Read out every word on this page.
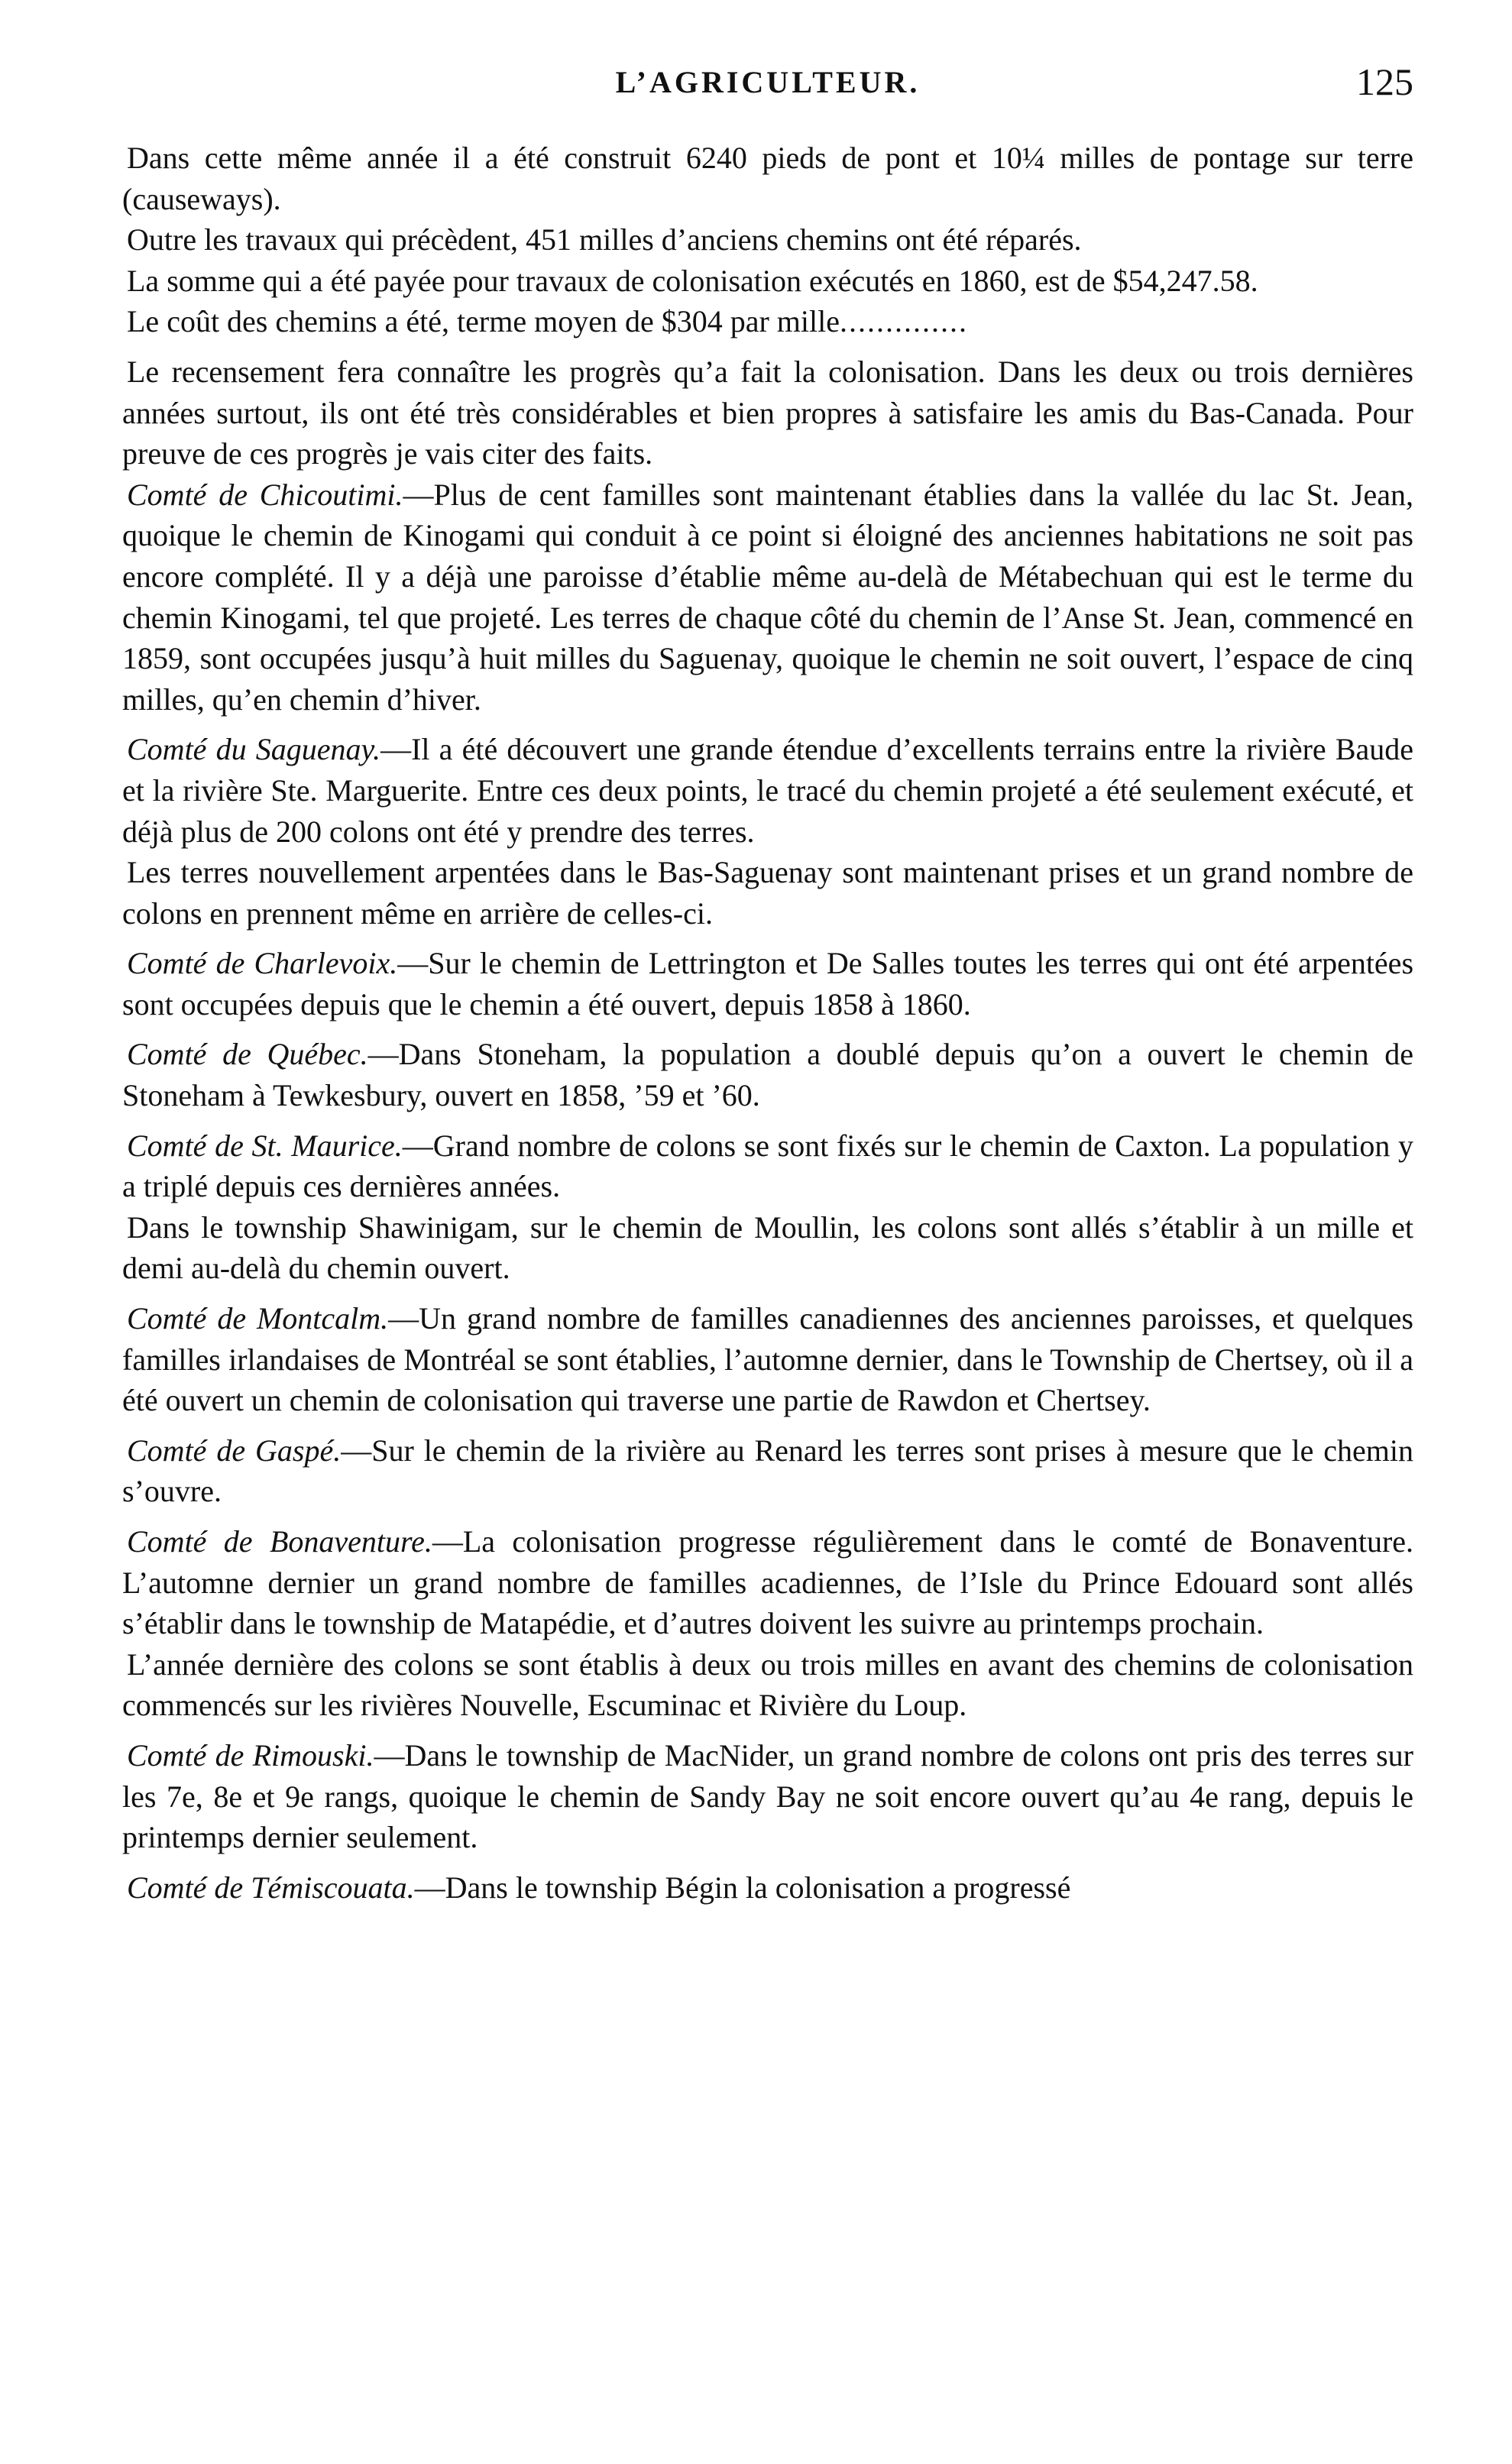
L’AGRICULTEUR.	125

Dans cette même année il a été construit 6240 pieds de pont et 10¼ milles de pontage sur terre (causeways).

Outre les travaux qui précèdent, 451 milles d’anciens chemins ont été réparés.

La somme qui a été payée pour travaux de colonisation exécutés en 1860, est de $54,247.58.

Le coût des chemins a été, terme moyen de $304 par mille..............

Le recensement fera connaître les progrès qu’a fait la colonisation. Dans les deux ou trois dernières années surtout, ils ont été très considérables et bien propres à satisfaire les amis du Bas-Canada. Pour preuve de ces progrès je vais citer des faits.

Comté de Chicoutimi.—Plus de cent familles sont maintenant établies dans la vallée du lac St. Jean, quoique le chemin de Kinogami qui conduit à ce point si éloigné des anciennes habitations ne soit pas encore complété. Il y a déjà une paroisse d’établie même au-delà de Métabechuan qui est le terme du chemin Kinogami, tel que projeté. Les terres de chaque côté du chemin de l’Anse St. Jean, commencé en 1859, sont occupées jusqu’à huit milles du Saguenay, quoique le chemin ne soit ouvert, l’espace de cinq milles, qu’en chemin d’hiver.

Comté du Saguenay.—Il a été découvert une grande étendue d’excellents terrains entre la rivière Baude et la rivière Ste. Marguerite. Entre ces deux points, le tracé du chemin projeté a été seulement exécuté, et déjà plus de 200 colons ont été y prendre des terres.

Les terres nouvellement arpentées dans le Bas-Saguenay sont maintenant prises et un grand nombre de colons en prennent même en arrière de celles-ci.

Comté de Charlevoix.—Sur le chemin de Lettrington et De Salles toutes les terres qui ont été arpentées sont occupées depuis que le chemin a été ouvert, depuis 1858 à 1860.

Comté de Québec.—Dans Stoneham, la population a doublé depuis qu’on a ouvert le chemin de Stoneham à Tewkesbury, ouvert en 1858, ’59 et ’60.

Comté de St. Maurice.—Grand nombre de colons se sont fixés sur le chemin de Caxton. La population y a triplé depuis ces dernières années.

Dans le township Shawinigam, sur le chemin de Moullin, les colons sont allés s’établir à un mille et demi au-delà du chemin ouvert.

Comté de Montcalm.—Un grand nombre de familles canadiennes des anciennes paroisses, et quelques familles irlandaises de Montréal se sont établies, l’automne dernier, dans le Township de Chertsey, où il a été ouvert un chemin de colonisation qui traverse une partie de Rawdon et Chertsey.

Comté de Gaspé.—Sur le chemin de la rivière au Renard les terres sont prises à mesure que le chemin s’ouvre.

Comté de Bonaventure.—La colonisation progresse régulièrement dans le comté de Bonaventure. L’automne dernier un grand nombre de familles acadiennes, de l’Isle du Prince Edouard sont allés s’établir dans le township de Matapédie, et d’autres doivent les suivre au printemps prochain.

L’année dernière des colons se sont établis à deux ou trois milles en avant des chemins de colonisation commencés sur les rivières Nouvelle, Escuminac et Rivière du Loup.

Comté de Rimouski.—Dans le township de MacNider, un grand nombre de colons ont pris des terres sur les 7e, 8e et 9e rangs, quoique le chemin de Sandy Bay ne soit encore ouvert qu’au 4e rang, depuis le printemps dernier seulement.

Comté de Témiscouata.—Dans le township Bégin la colonisation a progressé
